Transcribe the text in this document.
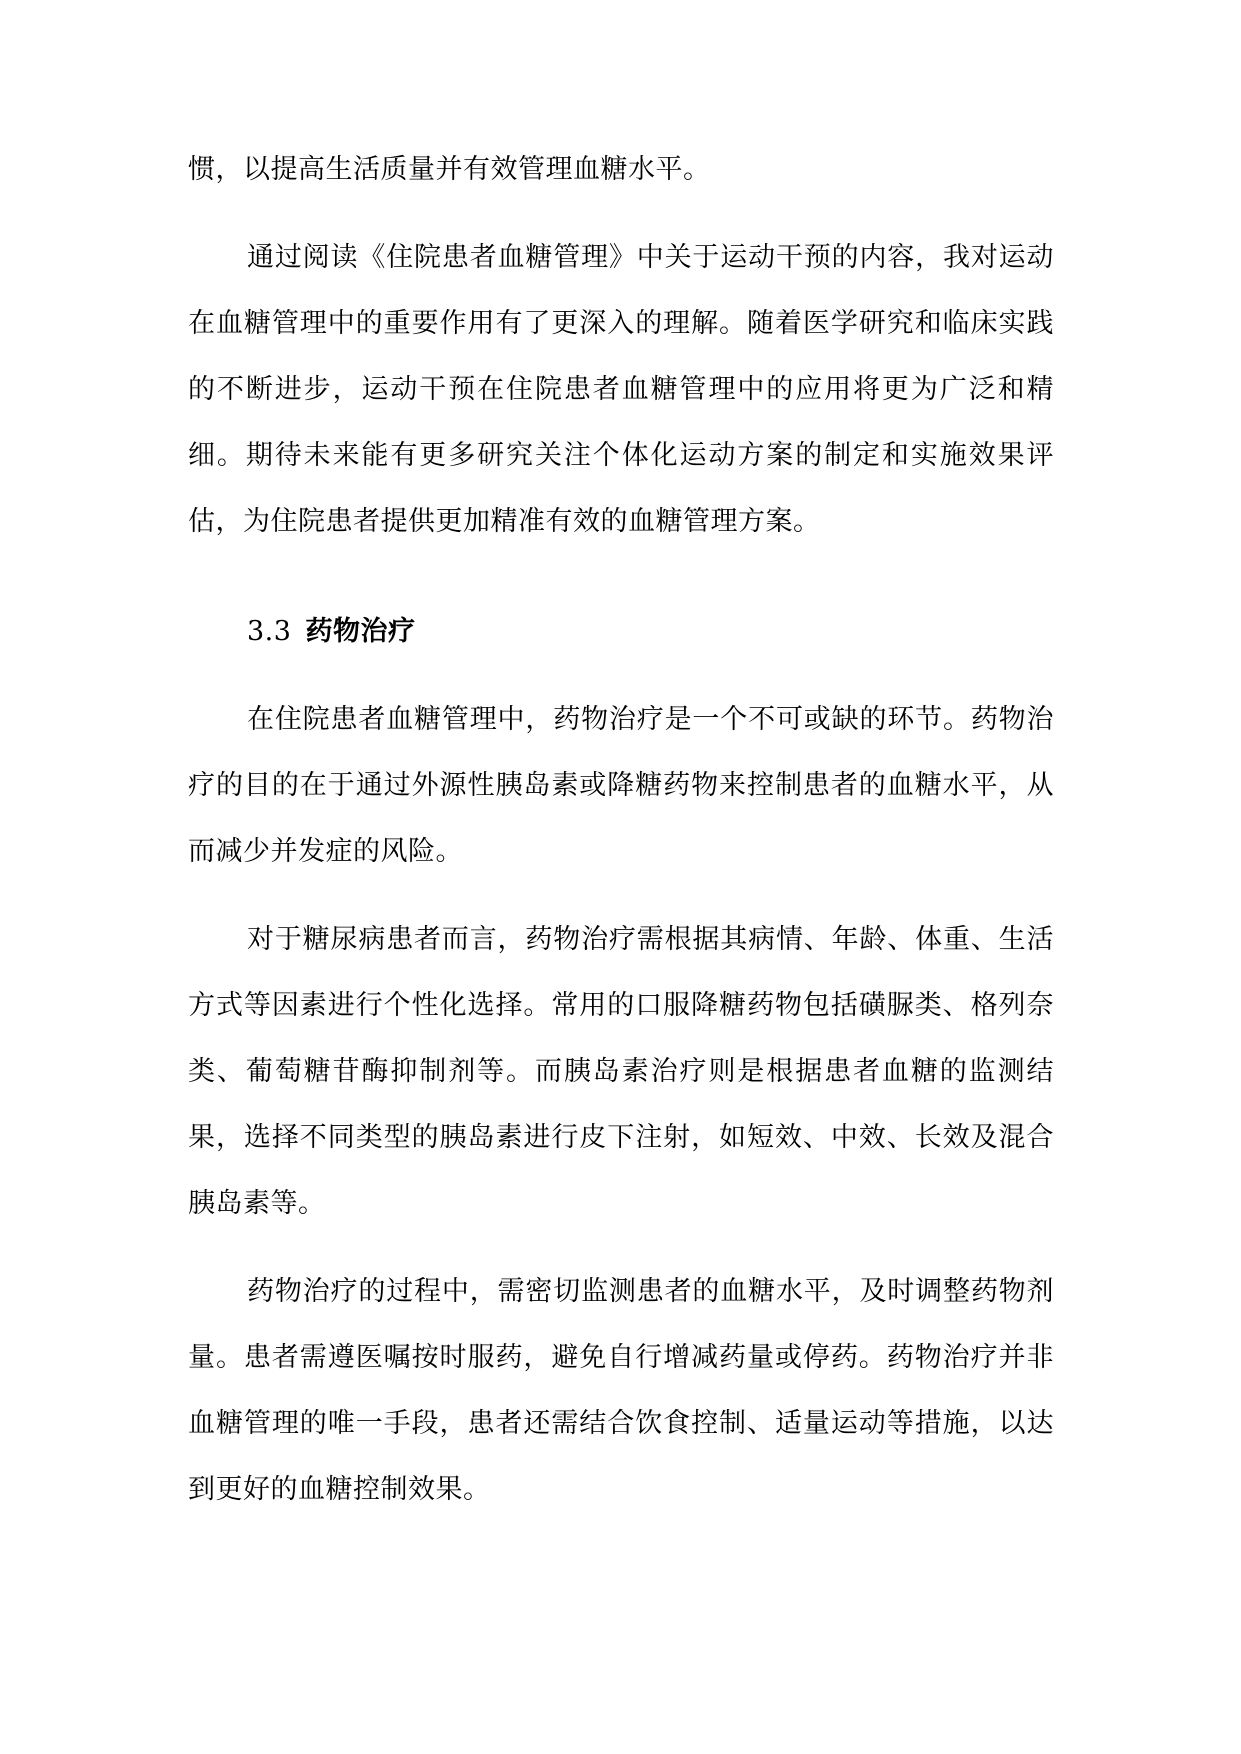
惯，以提高生活质量并有效管理血糖水平。

通过阅读《住院患者血糖管理》中关于运动干预的内容，我对运动在血糖管理中的重要作用有了更深入的理解。随着医学研究和临床实践的不断进步，运动干预在住院患者血糖管理中的应用将更为广泛和精细。期待未来能有更多研究关注个体化运动方案的制定和实施效果评估，为住院患者提供更加精准有效的血糖管理方案。

3.3 药物治疗

在住院患者血糖管理中，药物治疗是一个不可或缺的环节。药物治疗的目的在于通过外源性胰岛素或降糖药物来控制患者的血糖水平，从而减少并发症的风险。

对于糖尿病患者而言，药物治疗需根据其病情、年龄、体重、生活方式等因素进行个性化选择。常用的口服降糖药物包括磺脲类、格列奈类、葡萄糖苷酶抑制剂等。而胰岛素治疗则是根据患者血糖的监测结果，选择不同类型的胰岛素进行皮下注射，如短效、中效、长效及混合胰岛素等。

药物治疗的过程中，需密切监测患者的血糖水平，及时调整药物剂量。患者需遵医嘱按时服药，避免自行增减药量或停药。药物治疗并非血糖管理的唯一手段，患者还需结合饮食控制、适量运动等措施，以达到更好的血糖控制效果。
